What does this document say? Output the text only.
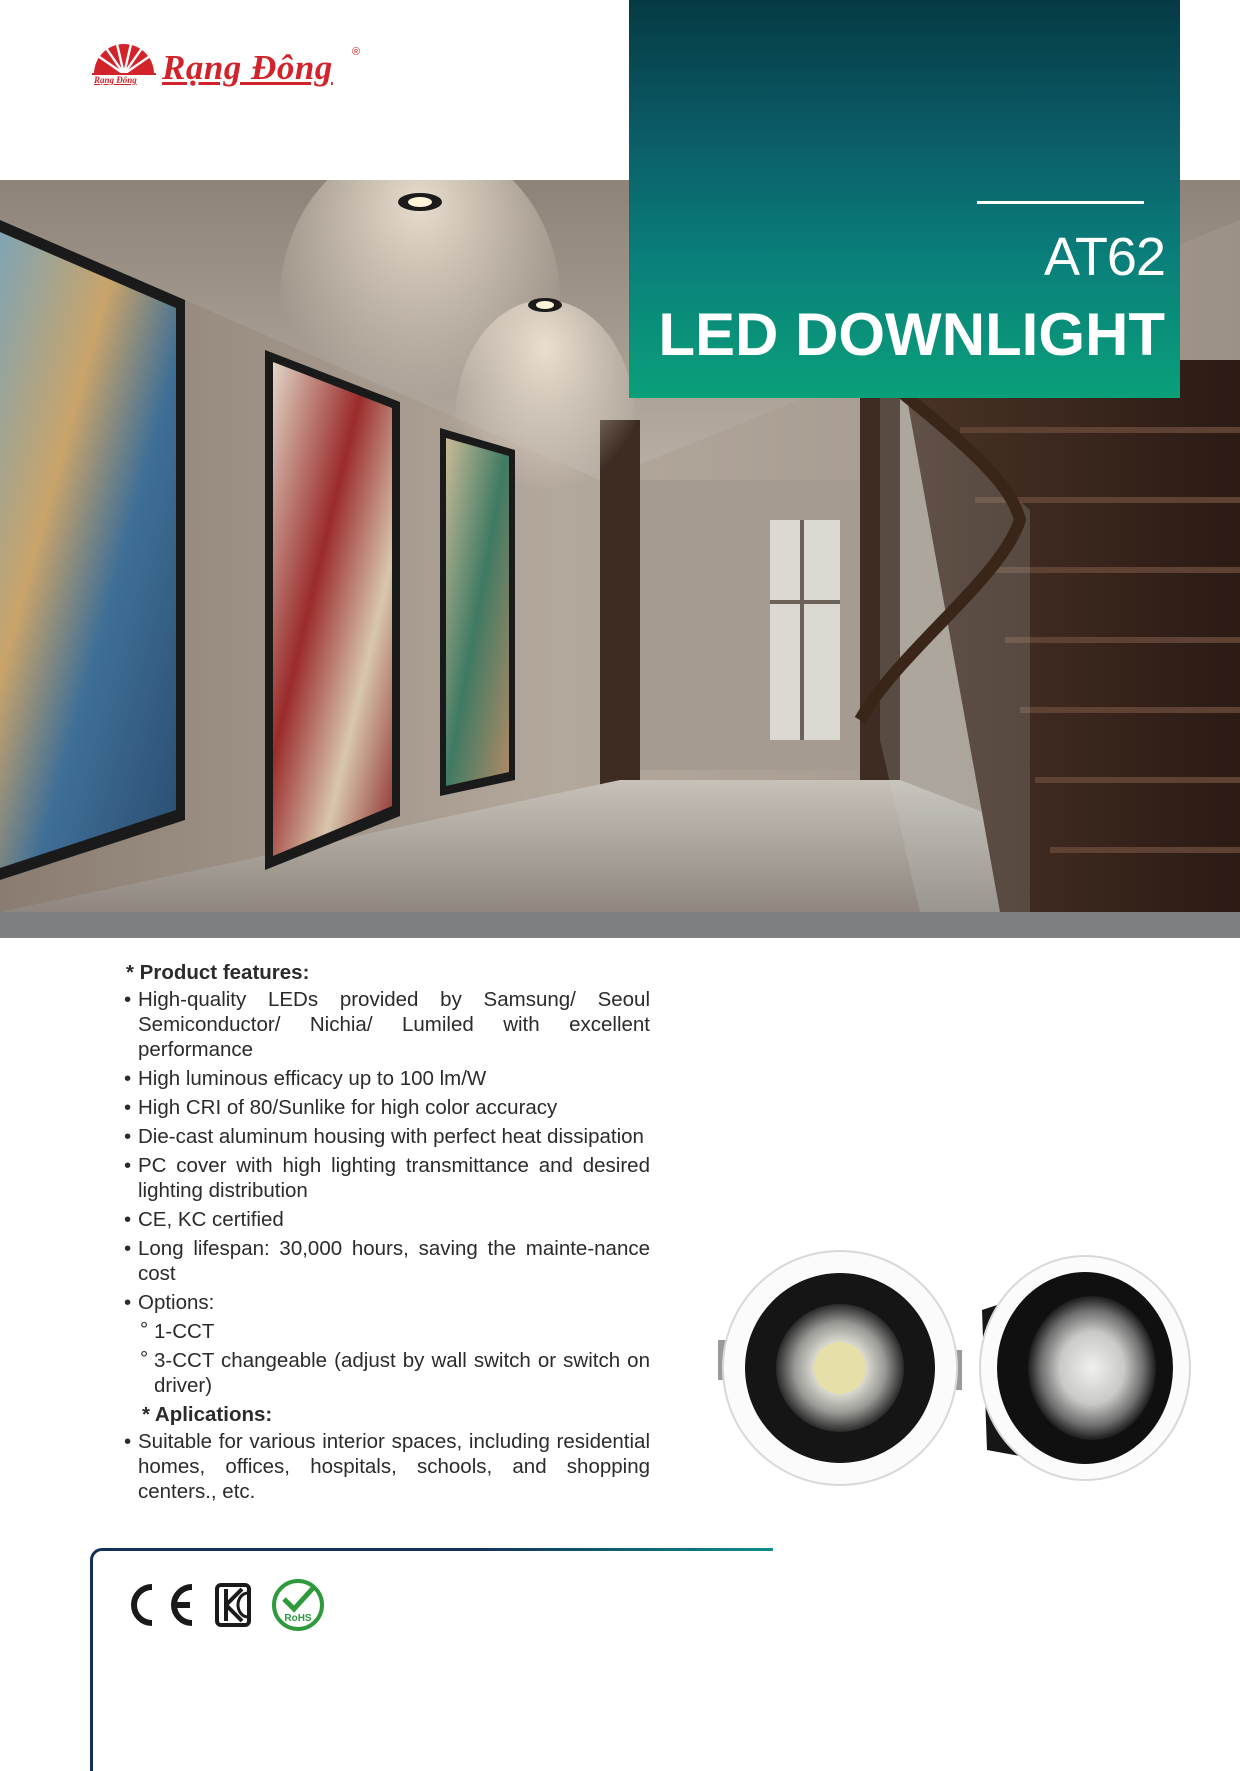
Rạng Đông Rạng Đông ®
AT62
LED DOWNLIGHT
* Product features:
• High-quality LEDs provided by Samsung/ Seoul Semiconductor/ Nichia/ Lumiled with excellent performance
• High luminous efficacy up to 100 lm/W
• High CRI of 80/Sunlike for high color accuracy
• Die-cast aluminum housing with perfect heat dissipation
• PC cover with high lighting transmittance and desired lighting distribution
• CE, KC certified
• Long lifespan: 30,000 hours, saving the mainte-nance cost
• Options:
° 1-CCT
° 3-CCT changeable (adjust by wall switch or switch on driver)
* Aplications:
• Suitable for various interior spaces, including residential homes, offices, hospitals, schools, and shopping centers., etc.
RoHS
